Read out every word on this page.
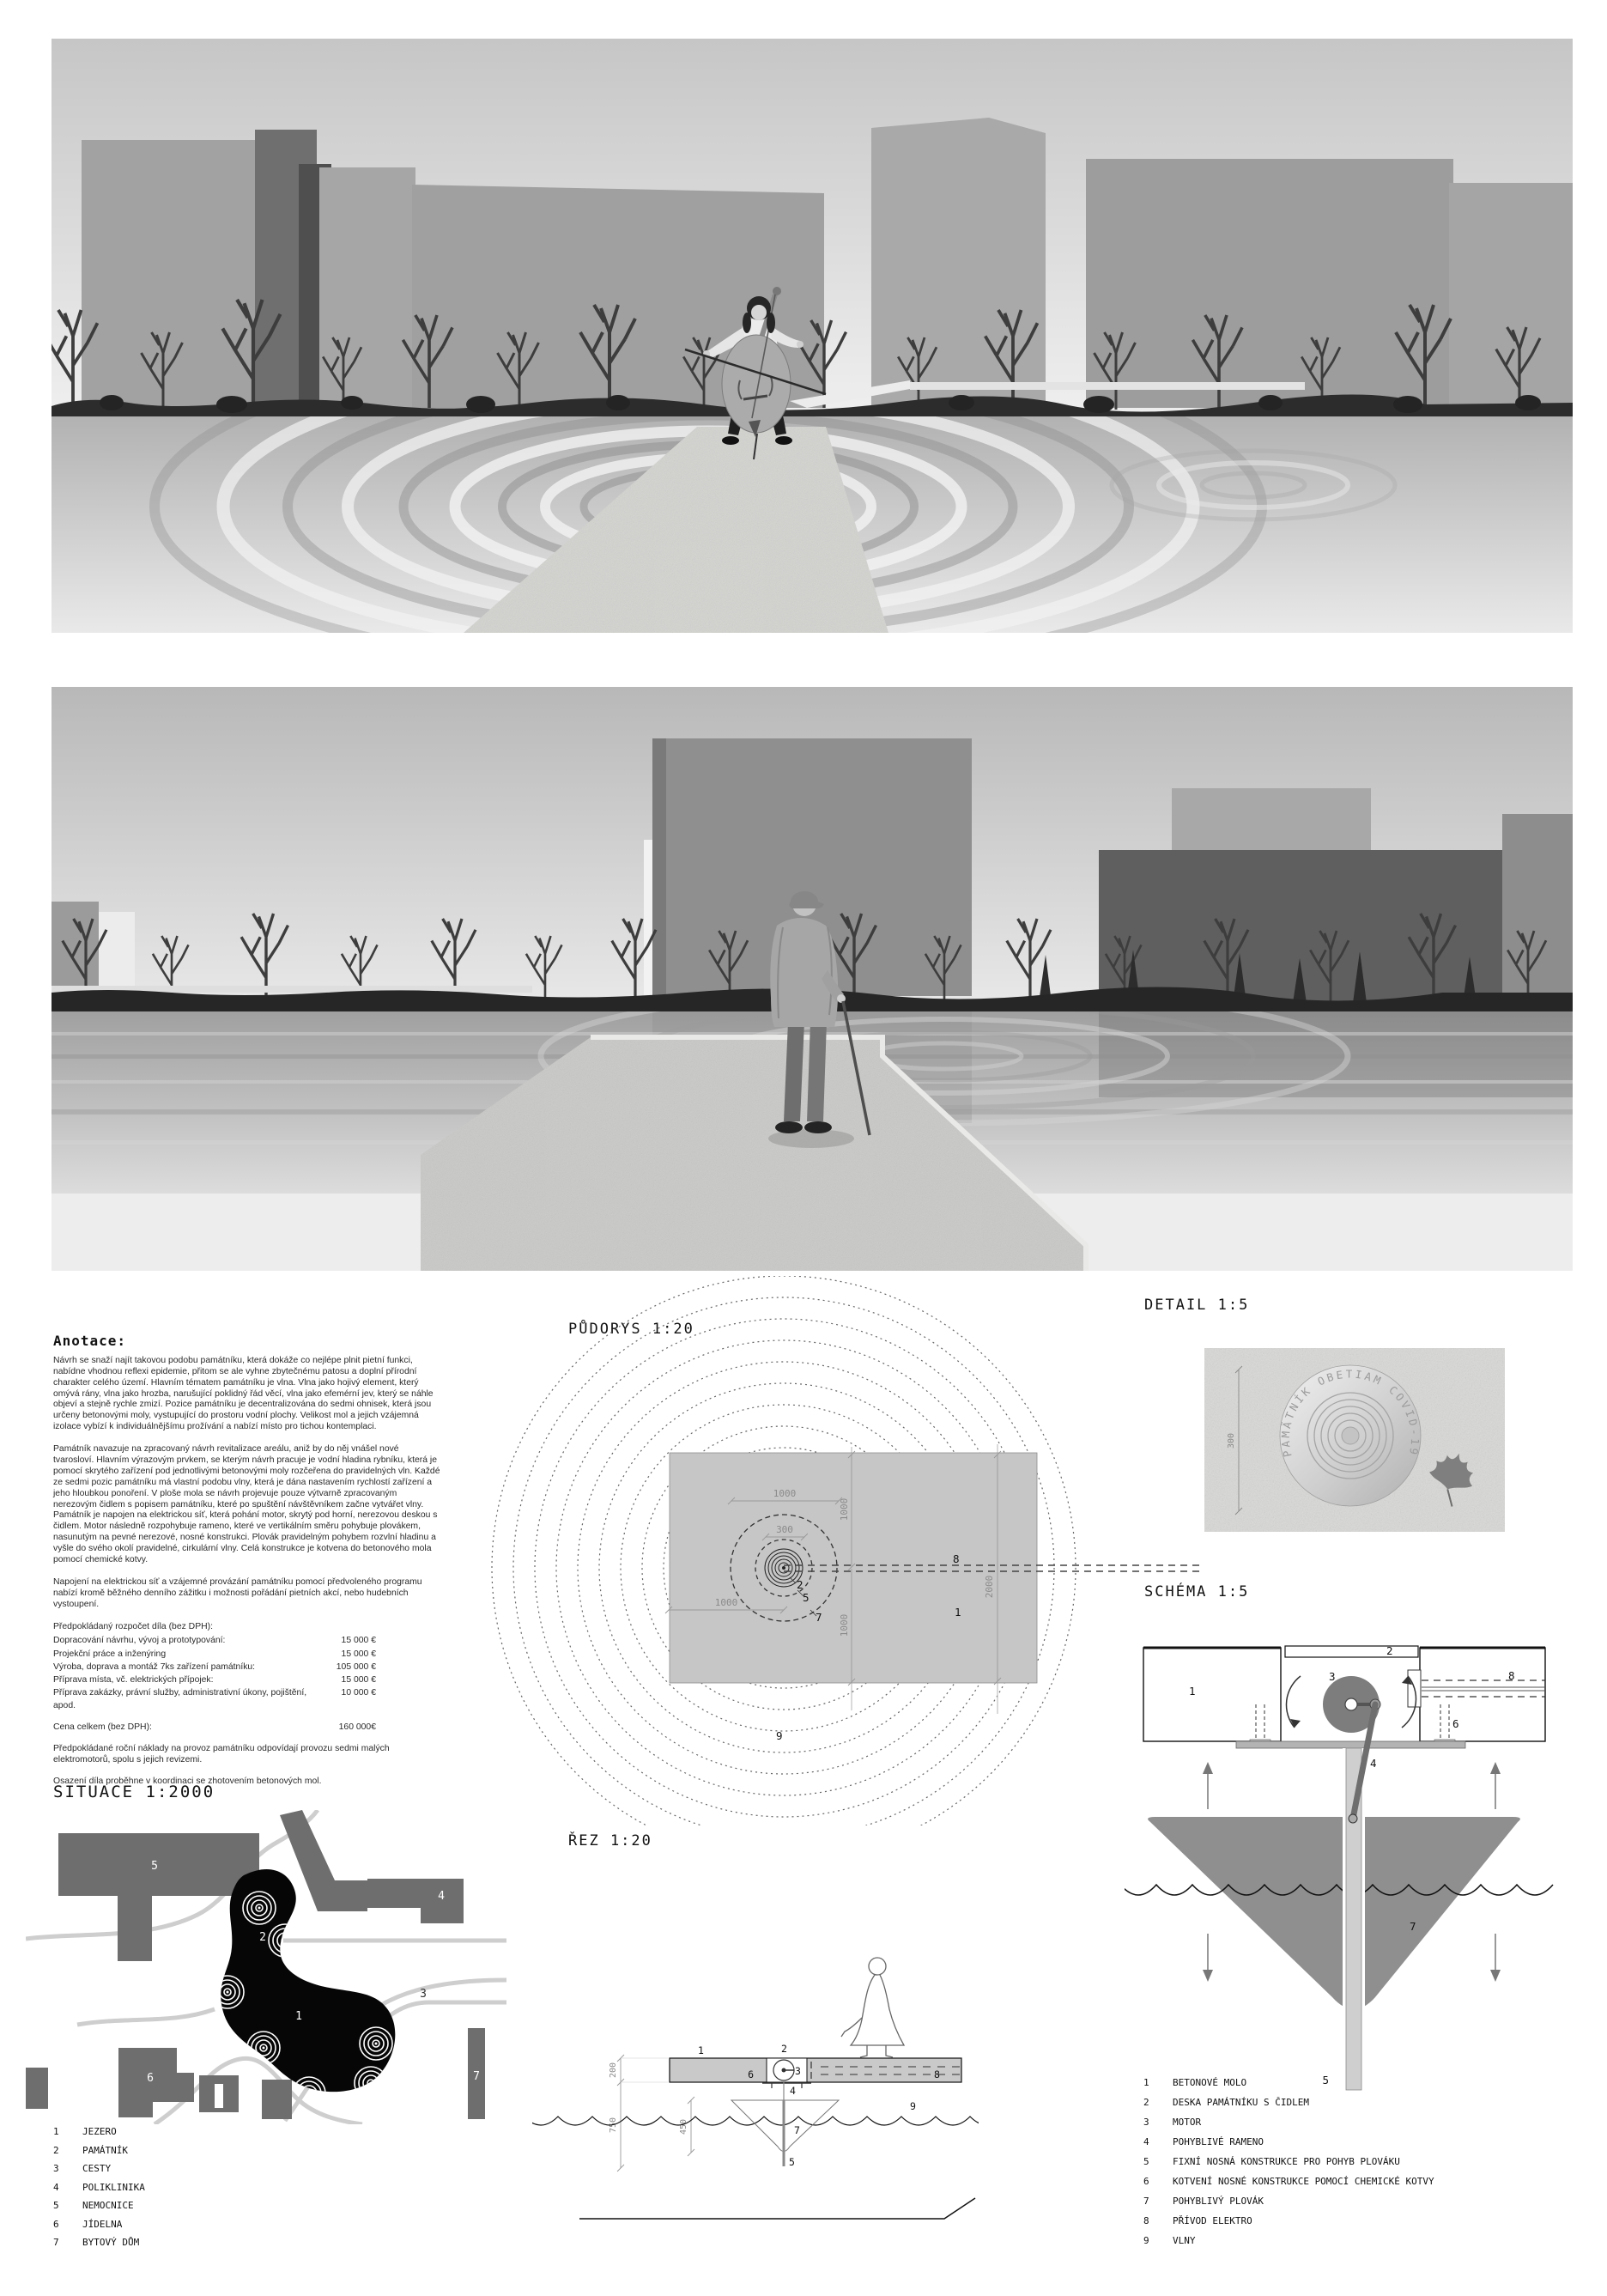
Anotace:

Návrh se snaží najít takovou podobu památníku, která dokáže co nejlépe plnit pietní funkci, nabídne vhodnou reflexi epidemie, přitom se ale vyhne zbytečnému patosu a doplní přírodní charakter celého území. Hlavním tématem památníku je vlna. Vlna jako hojivý element, který omývá rány, vlna jako hrozba, narušující poklidný řád věcí, vlna jako efemérní jev, který se náhle objeví a stejně rychle zmizí. Pozice památníku je decentralizována do sedmi ohnisek, která jsou určeny betonovými moly, vystupující do prostoru vodní plochy. Velikost mol a jejich vzájemná izolace vybízí k individuálnějšímu prožívání a nabízí místo pro tichou kontemplaci.

Památník navazuje na zpracovaný návrh revitalizace areálu, aniž by do něj vnášel nové tvarosloví. Hlavním výrazovým prvkem, se kterým návrh pracuje je vodní hladina rybníku, která je pomocí skrytého zařízení pod jednotlivými betonovými moly rozčeřena do pravidelných vln. Každé ze sedmi pozic památníku má vlastní podobu vlny, která je dána nastavením rychlostí zařízení a jeho hloubkou ponoření. V ploše mola se návrh projevuje pouze výtvarně zpracovaným nerezovým čidlem s popisem památníku, které po spuštění návštěvníkem začne vytvářet vlny. Památník je napojen na elektrickou síť, která pohání motor, skrytý pod horní, nerezovou deskou s čidlem. Motor následně rozpohybuje rameno, které ve vertikálním směru pohybuje plovákem, nasunutým na pevné nerezové, nosné konstrukci. Plovák pravidelným pohybem rozvlní hladinu a vyšle do svého okolí pravidelné, cirkulární vlny. Celá konstrukce je kotvena do betonového mola pomocí chemické kotvy.

Napojení na elektrickou síť a vzájemné provázání památníku pomocí předvoleného programu nabízí kromě běžného denního zážitku i možnosti pořádání pietních akcí, nebo hudebních vystoupení.

Předpokládaný rozpočet díla (bez DPH):
Dopracování návrhu, vývoj a prototypování:	15 000 €
Projekční práce a inženýring	15 000 €
Výroba, doprava a montáž 7ks zařízení památníku:	105 000 €
Příprava místa, vč. elektrických přípojek:	15 000 €
Příprava zakázky, právní služby, administrativní úkony, pojištění, apod.
10 000 €
Cena celkem (bez DPH):	160 000€
Předpokládané roční náklady na provoz památníku odpovídají provozu sedmi malých elektromotorů, spolu s jejich revizemi.
Osazení díla proběhne v koordinaci se zhotovením betonových mol.
PŮDORYS 1:20
1000
1000
300
1000
1000
2000
2
5
7
8
1
9
DETAIL 1:5
300
PAMÄTNÍK OBETIAM COVID-19
SCHÉMA 1:5
1
2
3
4
6
8
7
5
SITUACE 1:2000
5
4
2
1
3
6	7
1	JEZERO
2	PAMÁTNÍK
3	CESTY
4	POLIKLINIKA
5	NEMOCNICE
6	JÍDELNA
7	BYTOVÝ DŮM
ŘEZ 1:20
200
750	450
1	2
3
6
4
7
5
8
9
1	BETONOVÉ MOLO
2	DESKA PAMÁTNÍKU S ČIDLEM
3	MOTOR
4	POHYBLIVÉ RAMENO
5	FIXNÍ NOSNÁ KONSTRUKCE PRO POHYB PLOVÁKU
6	KOTVENÍ NOSNÉ KONSTRUKCE POMOCÍ CHEMICKÉ KOTVY
7	POHYBLIVÝ PLOVÁK
8	PŘÍVOD ELEKTRO
9	VLNY
